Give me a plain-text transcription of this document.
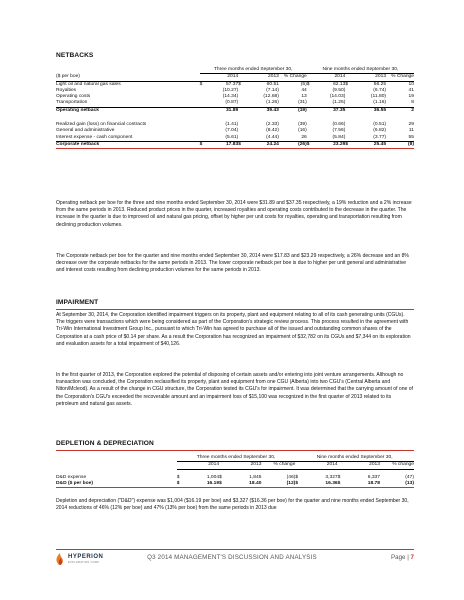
NETBACKS
	Three months ended September 30,					Nine months ended September 30,				
($ per boe)	2014		2013		% Change	2014		2013		% Change
Light oil and natural gas sales	$	57.37	$	60.51	(5)	$	62.13	$	56.25	10
Royalties		(10.27)		(7.14)	44		(9.50)		(6.74)	41
Operating costs		(14.34)		(12.68)	13		(14.03)		(11.80)	19
Transportation		(0.87)		(1.26)	(31)		(1.25)		(1.16)	8
Operating netback		31.89		39.43	(19)		37.35		36.55	2

Realized gain (loss) on financial contracts		(1.41)		(2.33)	(39)		(0.66)		(0.51)	29
General and administrative		(7.04)		(8.42)	(16)		(7.56)		(6.82)	11
Interest expense - cash component		(5.61)		(4.44)	26		(5.84)		(3.77)	55
Corporate netback	$	17.83	$	24.24	(26)	$	23.29	$	25.45	(8)

Operating netback per boe for the three and nine months ended September 30, 2014 were $31.89 and $37.35 respectively, a 19% reduction and a 2% increase from the same periods in 2013. Reduced product prices in the quarter, increased royalties and operating costs contributed to the decrease in the quarter. The increase in the quarter is due to improved oil and natural gas pricing, offset by higher per unit costs for royalties, operating and transportation resulting from declining production volumes.

The Corporate netback per boe for the quarter and nine months ended September 30, 2014 were $17.83 and $23.29 respectively, a 26% decrease and an 8% decrease over the corporate netbacks for the same periods in 2013. The lower corporate netback per boe is due to higher per unit general and administrative and interest costs resulting from declining production volumes for the same periods in 2013.

IMPAIRMENT

At September 30, 2014, the Corporation identified impairment triggers on its property, plant and equipment relating to all of its cash generating units (CGUs). The triggers were transactions which were being considered as part of the Corporation's strategic review process. This process resulted in the agreement with Tri-Win International Investment Group Inc., pursuant to which Tri-Win has agreed to purchase all of the issued and outstanding common shares of the Corporation at a cash price of $0.14 per share. As a result the Corporation has recognized an impairment of $32,782 on its CGUs and $7,344 on its exploration and evaluation assets for a total impairment of $40,126.

In the first quarter of 2013, the Corporation explored the potential of disposing of certain assets and/or entering into joint venture arrangements. Although no transaction was concluded, the Corporation reclassified its property, plant and equipment from one CGU (Alberta) into two CGU's (Central Alberta and Niton/Mcleod). As a result of the change in CGU structure, the Corporation tested its CGU's for impairment. It was determined that the carrying amount of one of the Corporation's CGU's exceeded the recoverable amount and an impairment loss of $15,100 was recognized in the first quarter of 2013 related to its petroleum and natural gas assets.

DEPLETION & DEPRECIATION
	Three months ended September 30,					Nine months ended September 30,				
	2014		2013		% change	2014		2013		% change

D&D expense	$	1,004	$	1,845	(46)	$	3,327	$	6,337	(47)
D&D ($ per boe)	$	16.19	$	18.40	(12)	$	16.36	$	18.78	(13)

Depletion and depreciation ("D&D") expense was $1,004 ($16.19 per boe) and $3,327 ($16.36 per boe) for the quarter and nine months ended September 30, 2014 reductions of 46% (12% per boe) and 47% (13% per boe) from the same periods in 2013 due

HYPERION
EXPLORATION CORP.
Q3 2014 MANAGEMENT'S DISCUSSION AND ANALYSIS	Page | 7
